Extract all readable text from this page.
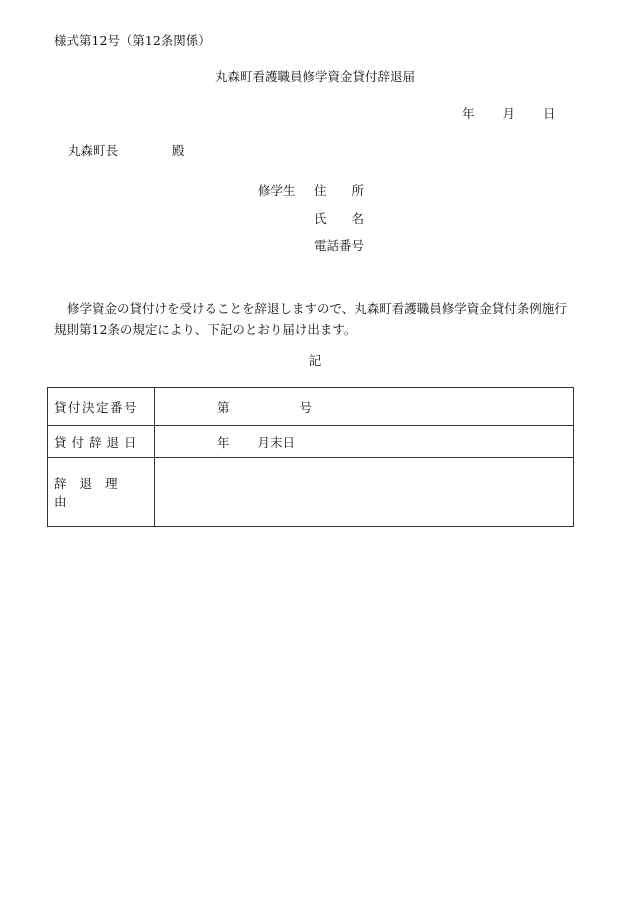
様式第12号（第12条関係）
丸森町看護職員修学資金貸付辞退届
年 月 日
丸森町長	殿
修学生 住　　所
氏　　名
電話番号
修学資金の貸付けを受けることを辞退しますので、丸森町看護職員修学資金貸付条例施行規則第12条の規定により、下記のとおり届け出ます。
記
貸付決定番号	第 号
貸付辞退日	年 月末日
辞退理由	
